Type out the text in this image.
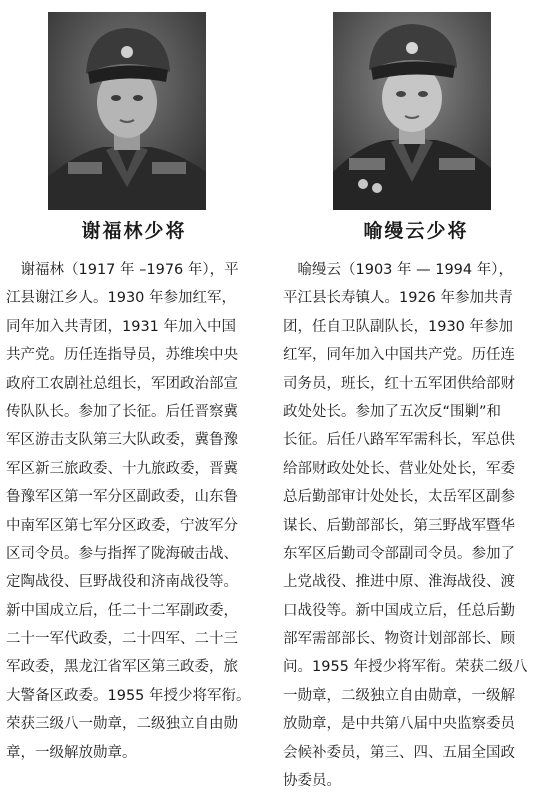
谢福林少将
　谢福林（1917 年 –1976 年），平
江县谢江乡人。1930 年参加红军，
同年加入共青团，1931 年加入中国
共产党。历任连指导员，苏维埃中央
政府工农剧社总组长，军团政治部宣
传队队长。参加了长征。后任晋察冀
军区游击支队第三大队政委，冀鲁豫
军区新三旅政委、十九旅政委，晋冀
鲁豫军区第一军分区副政委，山东鲁
中南军区第七军分区政委，宁波军分
区司令员。参与指挥了陇海破击战、
定陶战役、巨野战役和济南战役等。
新中国成立后，任二十二军副政委，
二十一军代政委，二十四军、二十三
军政委，黑龙江省军区第三政委，旅
大警备区政委。1955 年授少将军衔。
荣获三级八一勋章，二级独立自由勋
章，一级解放勋章。
喻缦云少将
　喻缦云（1903 年 — 1994 年），
平江县长寿镇人。1926 年参加共青
团，任自卫队副队长，1930 年参加
红军，同年加入中国共产党。历任连
司务员，班长，红十五军团供给部财
政处处长。参加了五次反“围剿”和
长征。后任八路军军需科长，军总供
给部财政处处长、营业处处长，军委
总后勤部审计处处长，太岳军区副参
谋长、后勤部部长，第三野战军暨华
东军区后勤司令部副司令员。参加了
上党战役、推进中原、淮海战役、渡
口战役等。新中国成立后，任总后勤
部军需部部长、物资计划部部长、顾
问。1955 年授少将军衔。荣获二级八
一勋章，二级独立自由勋章，一级解
放勋章，是中共第八届中央监察委员
会候补委员，第三、四、五届全国政
协委员。
